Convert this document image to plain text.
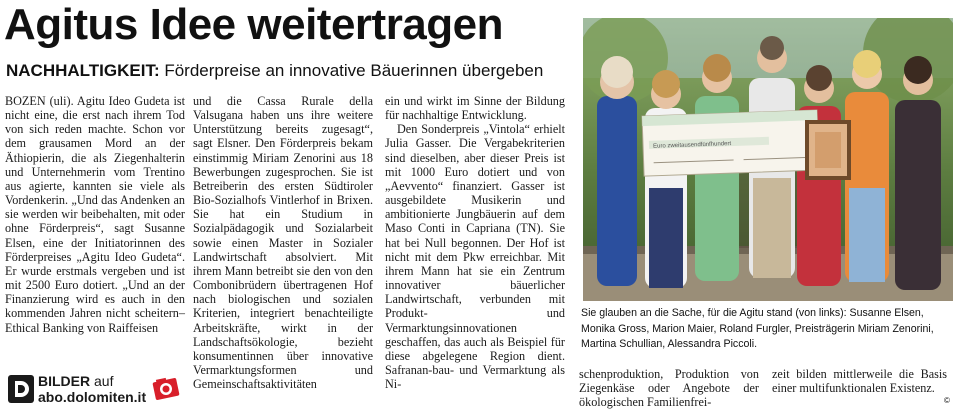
Agitus Idee weitertragen
NACHHALTIGKEIT: Förderpreise an innovative Bäuerinnen übergeben

BOZEN (uli). Agitu Ideo Gudeta ist nicht eine, die erst nach ihrem Tod von sich reden machte. Schon vor dem grausamen Mord an der Äthiopierin, die als Ziegenhalterin und Unternehmerin vom Trentino aus agierte, kannten sie viele als Vordenkerin. „Und das Andenken an sie werden wir beibehalten, mit oder ohne Förderpreis“, sagt Susanne Elsen, eine der Initiatorinnen des Förderpreises „Agitu Ideo Gudeta“. Er wurde erstmals vergeben und ist mit 2500 Euro dotiert. „Und an der Finanzierung wird es auch in den kommenden Jahren nicht scheitern– Ethical Banking von Raiffeisen

und die Cassa Rurale della Valsugana haben uns ihre weitere Unterstützung bereits zugesagt“, sagt Elsner. Den Förderpreis bekam einstimmig Miriam Zenorini aus 18 Bewerbungen zugesprochen. Sie ist Betreiberin des ersten Südtiroler Bio-Sozialhofs Vintlerhof in Brixen. Sie hat ein Studium in Sozialpädagogik und Sozialarbeit sowie einen Master in Sozialer Landwirtschaft absolviert. Mit ihrem Mann betreibt sie den von den Combonibrüdern übertragenen Hof nach biologischen und sozialen Kriterien, integriert benachteiligte Arbeitskräfte, wirkt in der Landschaftsökologie, bezieht konsumentinnen über innovative Vermarktungsformen und Gemeinschaftsaktivitäten

ein und wirkt im Sinne der Bildung für nachhaltige Entwicklung.

Den Sonderpreis „Vintola“ erhielt Julia Gasser. Die Vergabekriterien sind dieselben, aber dieser Preis ist mit 1000 Euro dotiert und von „Aevvento“ finanziert. Gasser ist ausgebildete Musikerin und ambitionierte Jungbäuerin auf dem Maso Conti in Capriana (TN). Sie hat bei Null begonnen. Der Hof ist nicht mit dem Pkw erreichbar. Mit ihrem Mann hat sie ein Zentrum innovativer bäuerlicher Landwirtschaft, verbunden mit Produkt- und Vermarktungsinnovationen geschaffen, das auch als Beispiel für diese abgelegene Region dient. Safranan-bau- und Vermarktung als Ni-

schenproduktion, Produktion von Ziegenkäse oder Angebote der ökologischen Familienfrei-

zeit bilden mittlerweile die Basis einer multifunktionalen Existenz.

Euro zweitausendfünfhundert
Sie glauben an die Sache, für die Agitu stand (von links): Susanne Elsen, Monika Gross, Marion Maier, Roland Furgler, Preisträgerin Miriam Zenorini, Martina Schullian, Alessandra Piccoli.
BILDER auf
abo.dolomiten.it	©
